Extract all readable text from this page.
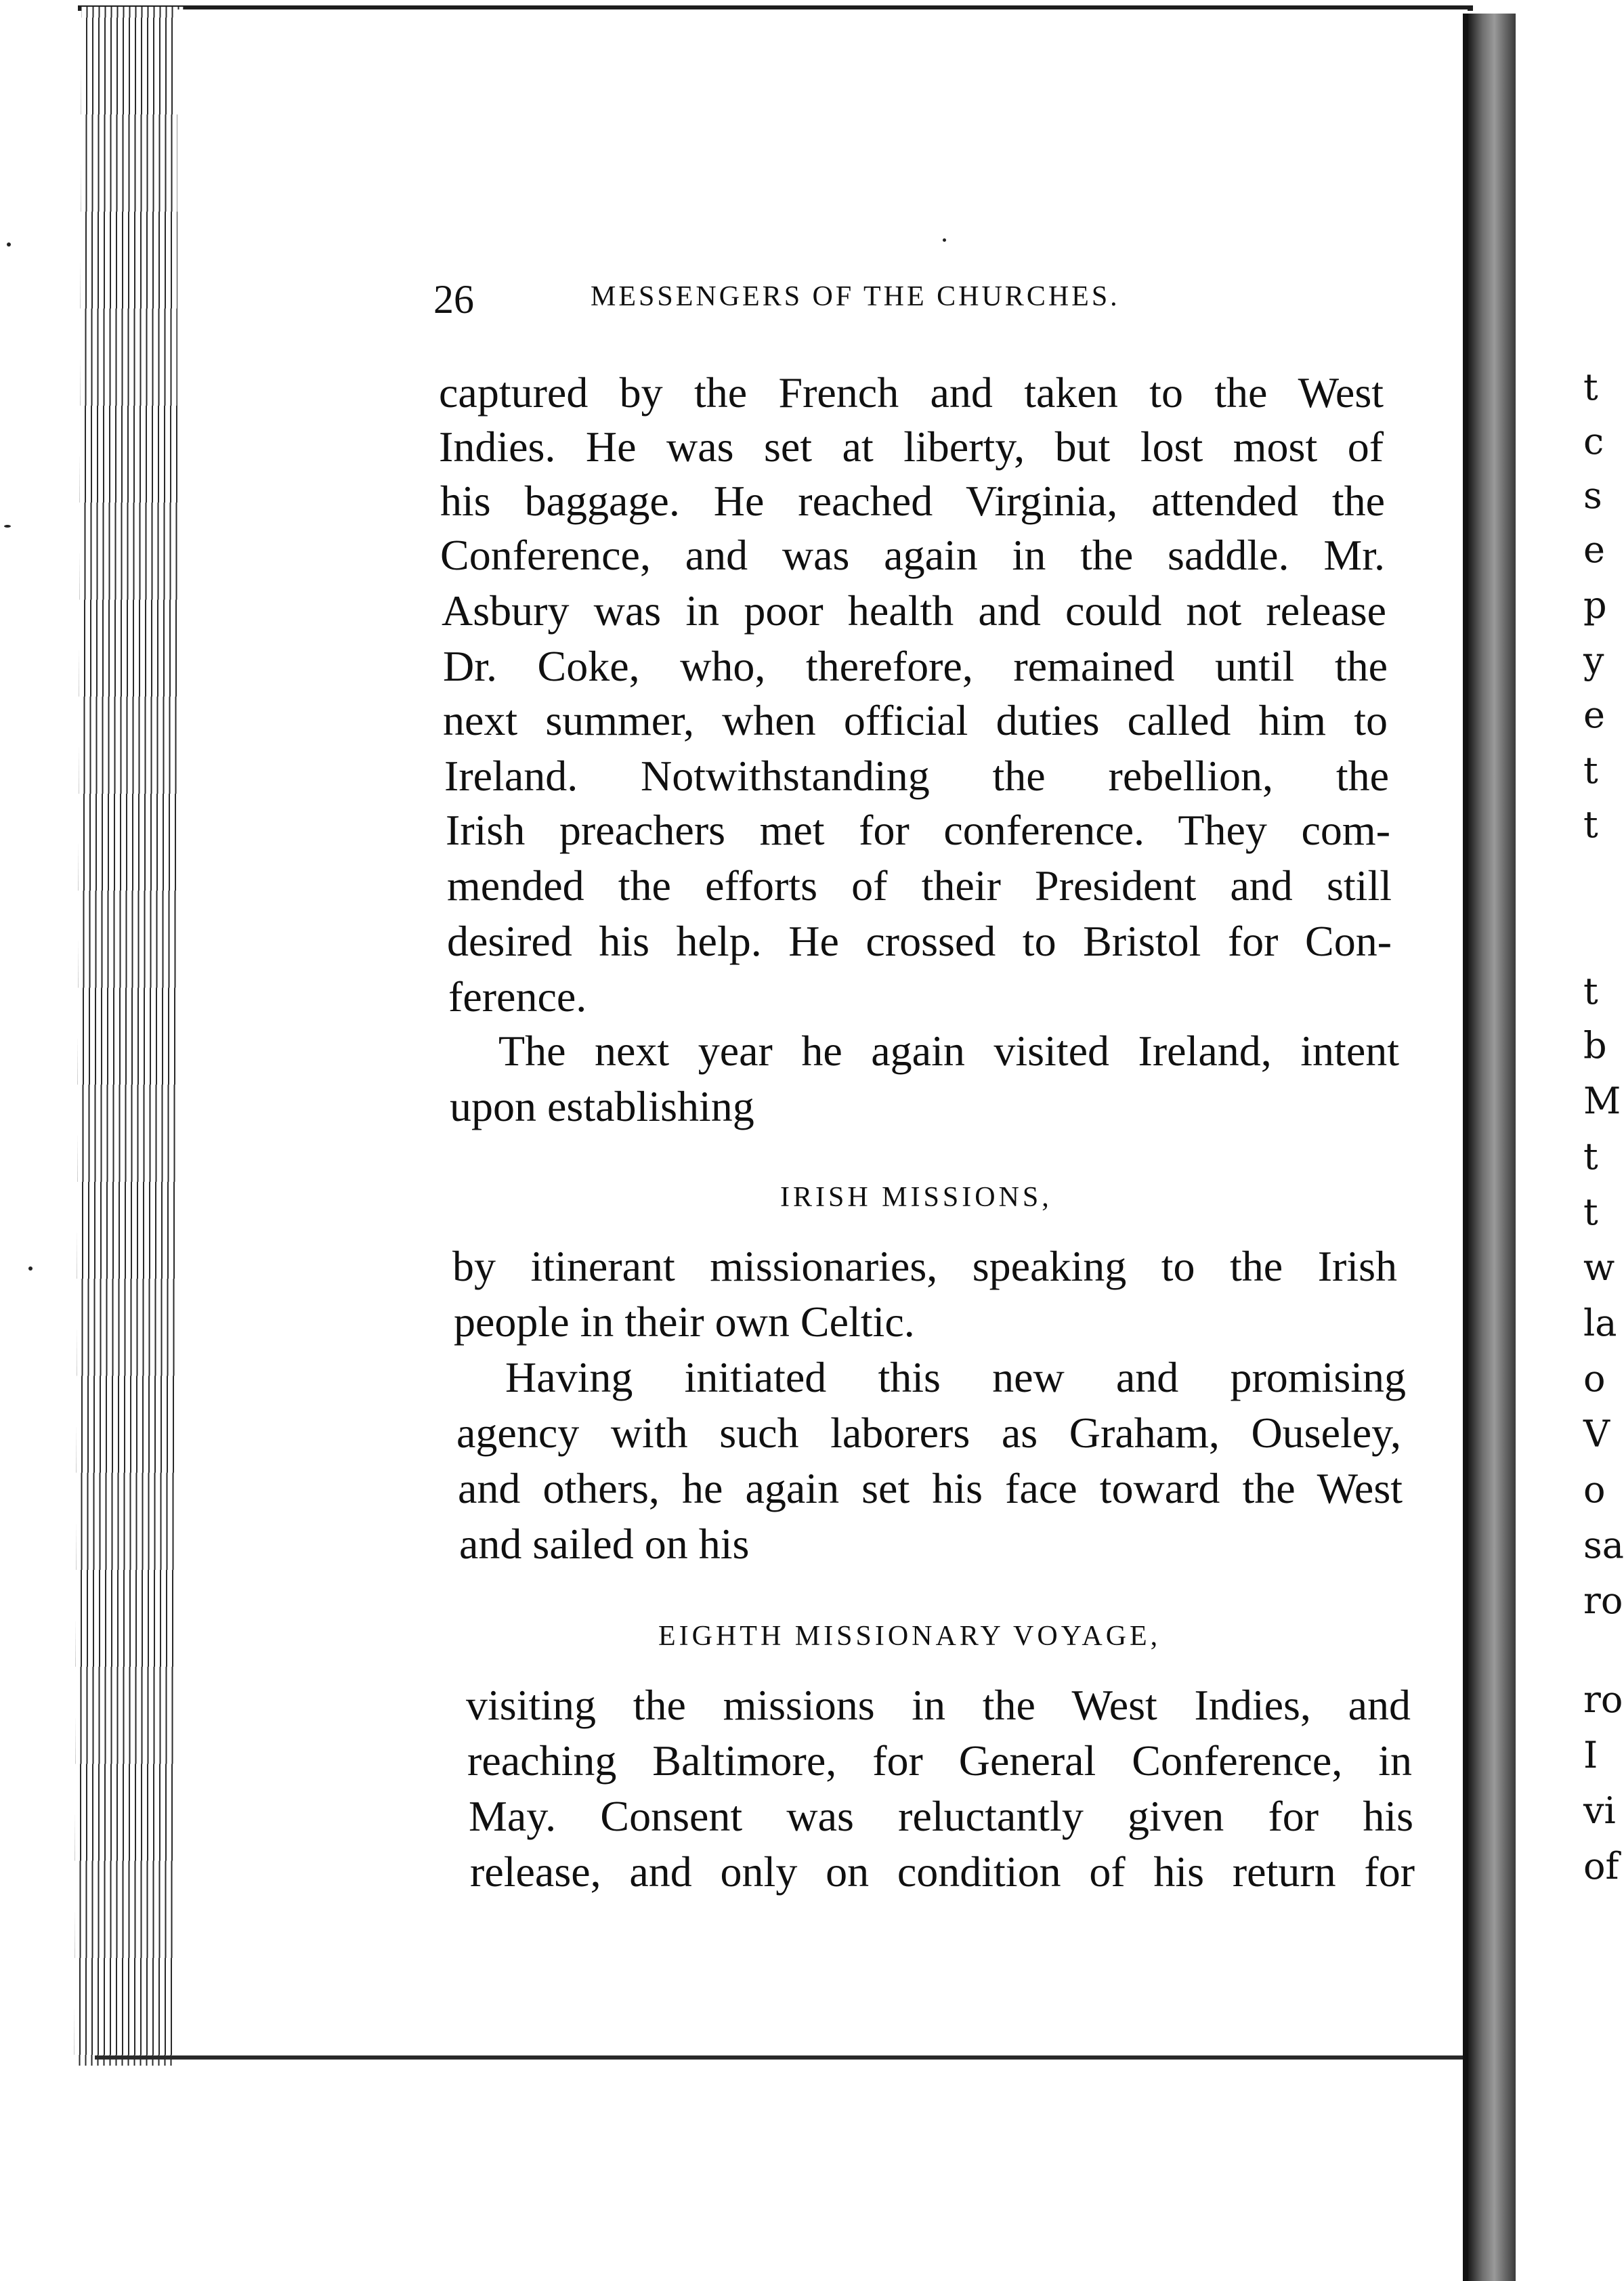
26	MESSENGERS OF THE CHURCHES.
captured by the French and taken to the West
Indies. He was set at liberty, but lost most of
his baggage. He reached Virginia, attended the
Conference, and was again in the saddle. Mr.
Asbury was in poor health and could not release
Dr. Coke, who, therefore, remained until the
next summer, when official duties called him to
Ireland. Notwithstanding the rebellion, the
Irish preachers met for conference. They com-
mended the efforts of their President and still
desired his help. He crossed to Bristol for Con-
ference.
The next year he again visited Ireland, intent
upon establishing
IRISH MISSIONS,
by itinerant missionaries, speaking to the Irish
people in their own Celtic.
Having initiated this new and promising
agency with such laborers as Graham, Ouseley,
and others, he again set his face toward the West
and sailed on his
EIGHTH MISSIONARY VOYAGE,
visiting the missions in the West Indies, and
reaching Baltimore, for General Conference, in
May. Consent was reluctantly given for his
release, and only on condition of his return for
t
c
s
e
p
y
e
t
t
t
b
M
t
t
w
la
o
V
o
sa
ro
ro
I
vi
of
